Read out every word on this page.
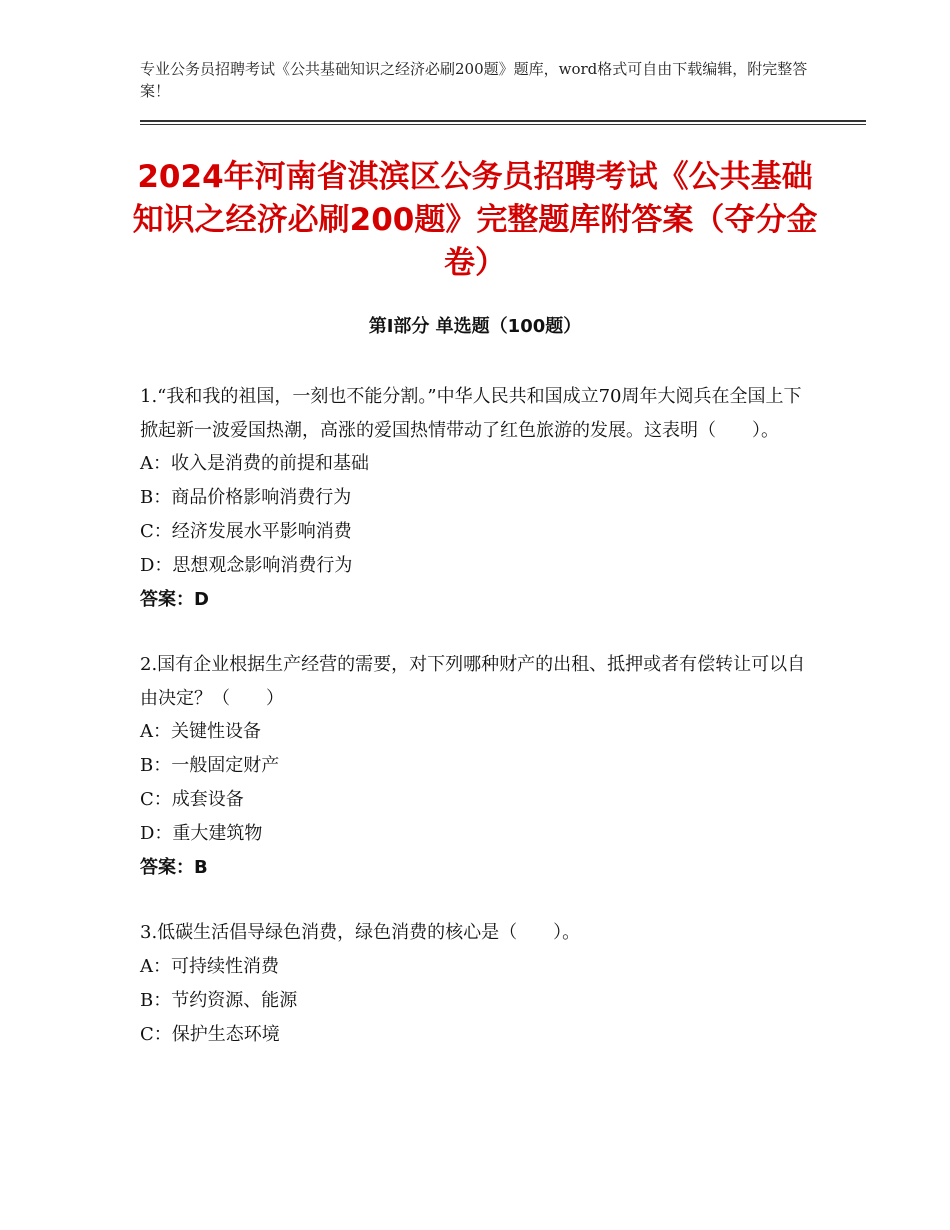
专业公务员招聘考试《公共基础知识之经济必刷200题》题库，word格式可自由下载编辑，附完整答案！
2024年河南省淇滨区公务员招聘考试《公共基础知识之经济必刷200题》完整题库附答案（夺分金卷）
第I部分 单选题（100题）

1.“我和我的祖国，一刻也不能分割。”中华人民共和国成立70周年大阅兵在全国上下掀起新一波爱国热潮，高涨的爱国热情带动了红色旅游的发展。这表明（　　）。

A：收入是消费的前提和基础

B：商品价格影响消费行为

C：经济发展水平影响消费

D：思想观念影响消费行为

答案：D

2.国有企业根据生产经营的需要，对下列哪种财产的出租、抵押或者有偿转让可以自由决定？（　　）

A：关键性设备

B：一般固定财产

C：成套设备

D：重大建筑物

答案：B

3.低碳生活倡导绿色消费，绿色消费的核心是（　　）。

A：可持续性消费

B：节约资源、能源

C：保护生态环境
